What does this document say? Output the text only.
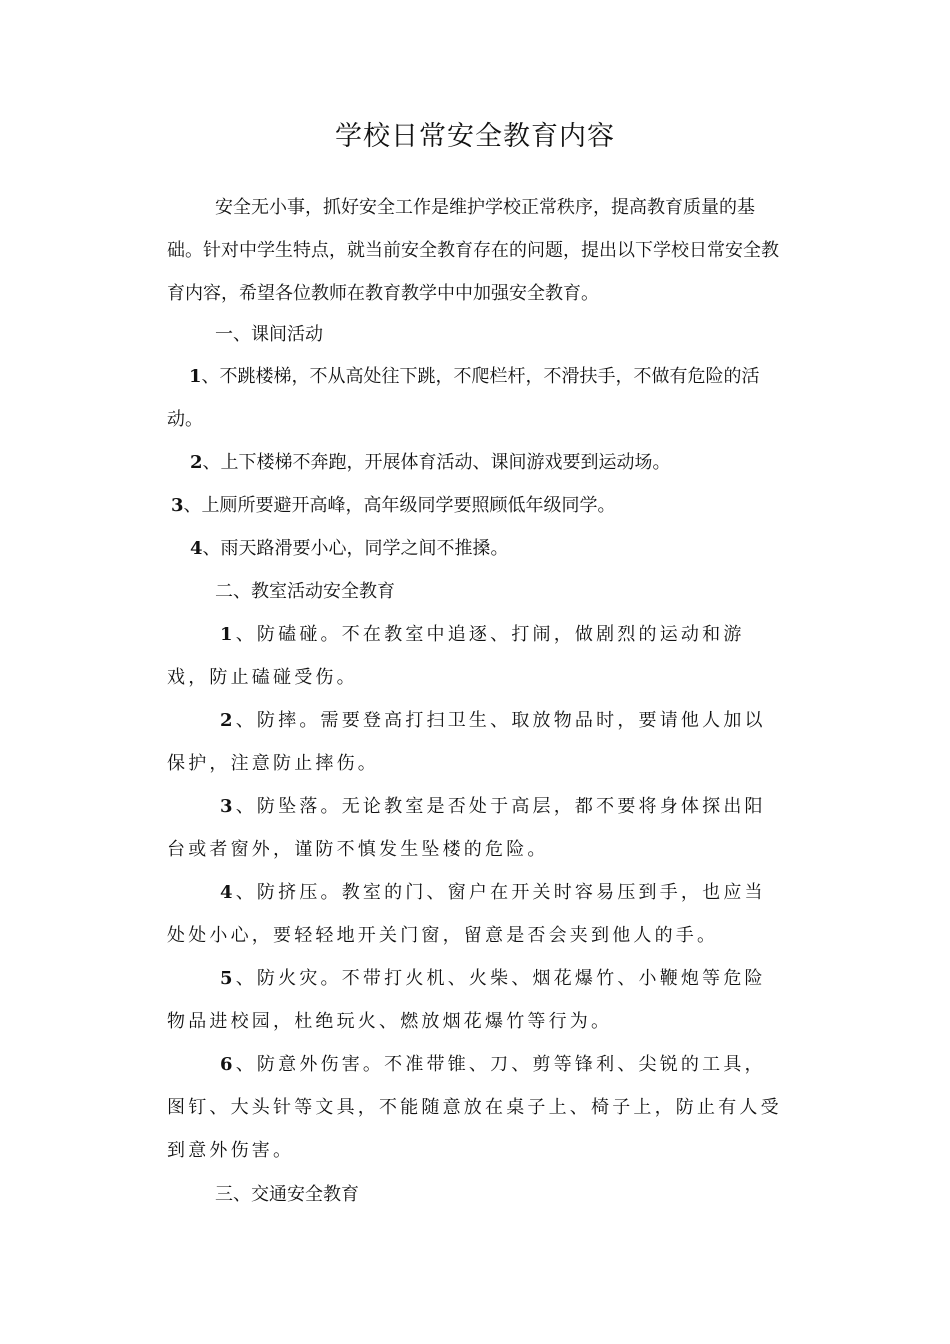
学校日常安全教育内容

安全无小事，抓好安全工作是维护学校正常秩序，提高教育质量的基础。针对中学生特点，就当前安全教育存在的问题，提出以下学校日常安全教育内容，希望各位教师在教育教学中中加强安全教育。

一、课间活动

1、不跳楼梯，不从高处往下跳，不爬栏杆，不滑扶手，不做有危险的活动。

2、上下楼梯不奔跑，开展体育活动、课间游戏要到运动场。
3、上厕所要避开高峰，高年级同学要照顾低年级同学。
4、雨天路滑要小心，同学之间不推搡。
二、教室活动安全教育

1、防磕碰。不在教室中追逐、打闹，做剧烈的运动和游戏，防止磕碰受伤。

2、防摔。需要登高打扫卫生、取放物品时，要请他人加以保护，注意防止摔伤。

3、防坠落。无论教室是否处于高层，都不要将身体探出阳台或者窗外，谨防不慎发生坠楼的危险。

4、防挤压。教室的门、窗户在开关时容易压到手，也应当处处小心，要轻轻地开关门窗，留意是否会夹到他人的手。

5、防火灾。不带打火机、火柴、烟花爆竹、小鞭炮等危险物品进校园，杜绝玩火、燃放烟花爆竹等行为。

6、防意外伤害。不准带锥、刀、剪等锋利、尖锐的工具，图钉、大头针等文具，不能随意放在桌子上、椅子上，防止有人受到意外伤害。

三、交通安全教育
